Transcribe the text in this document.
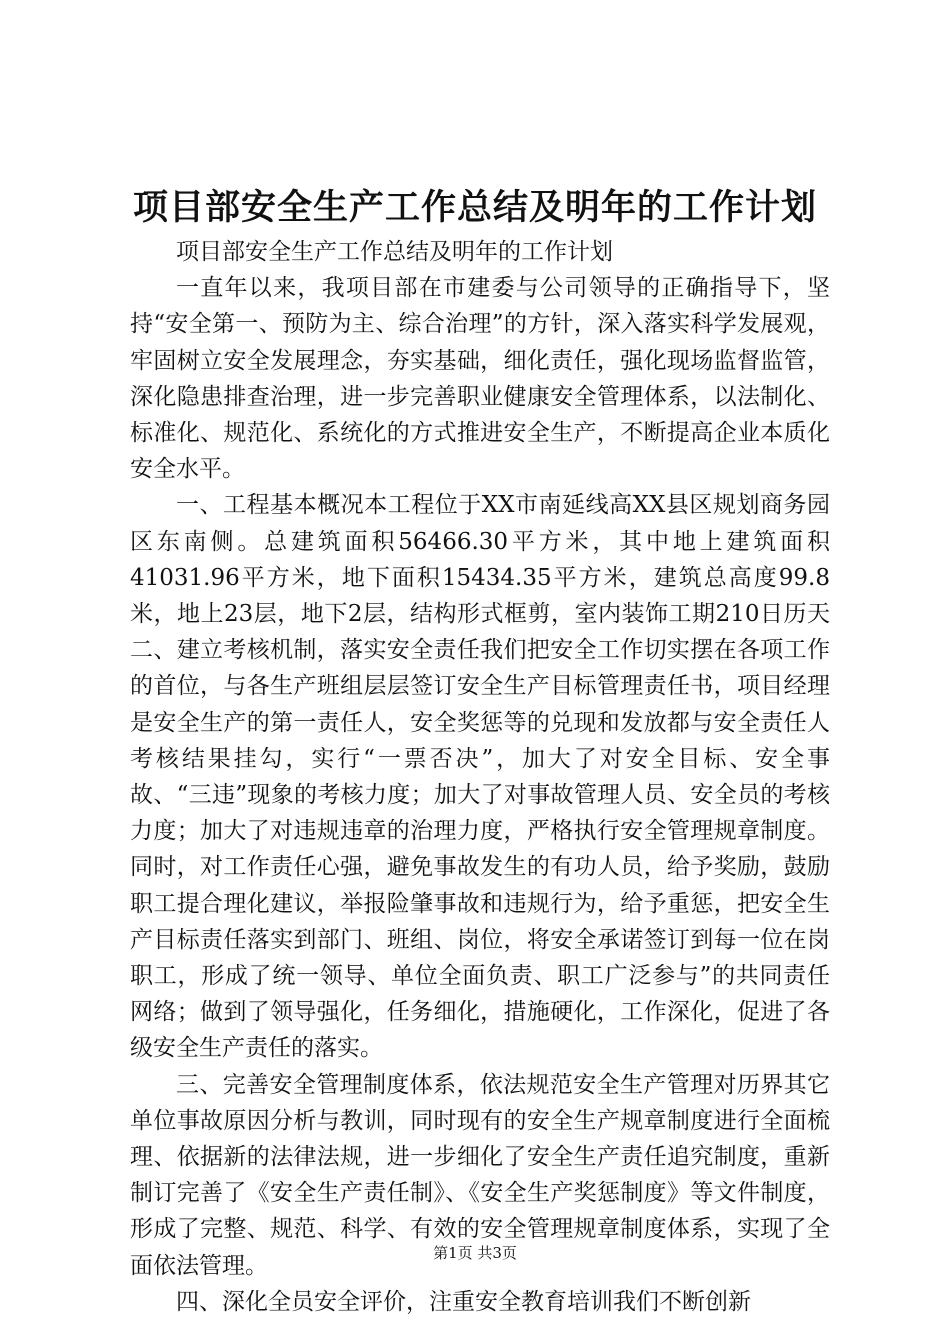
项目部安全生产工作总结及明年的工作计划

项目部安全生产工作总结及明年的工作计划

一直年以来，我项目部在市建委与公司领导的正确指导下，坚持“安全第一、预防为主、综合治理”的方针，深入落实科学发展观，牢固树立安全发展理念，夯实基础，细化责任，强化现场监督监管，深化隐患排查治理，进一步完善职业健康安全管理体系，以法制化、标准化、规范化、系统化的方式推进安全生产，不断提高企业本质化安全水平。

一、工程基本概况本工程位于XX市南延线高XX县区规划商务园区东南侧。总建筑面积56466.30平方米，其中地上建筑面积41031.96平方米，地下面积15434.35平方米，建筑总高度99.8米，地上23层，地下2层，结构形式框剪，室内装饰工期210日历天二、建立考核机制，落实安全责任我们把安全工作切实摆在各项工作的首位，与各生产班组层层签订安全生产目标管理责任书，项目经理是安全生产的第一责任人，安全奖惩等的兑现和发放都与安全责任人考核结果挂勾，实行“一票否决”，加大了对安全目标、安全事故、“三违”现象的考核力度；加大了对事故管理人员、安全员的考核力度；加大了对违规违章的治理力度，严格执行安全管理规章制度。同时，对工作责任心强，避免事故发生的有功人员，给予奖励，鼓励职工提合理化建议，举报险肇事故和违规行为，给予重惩，把安全生产目标责任落实到部门、班组、岗位，将安全承诺签订到每一位在岗职工，形成了统一领导、单位全面负责、职工广泛参与”的共同责任网络；做到了领导强化，任务细化，措施硬化，工作深化，促进了各级安全生产责任的落实。

三、完善安全管理制度体系，依法规范安全生产管理对历界其它单位事故原因分析与教训，同时现有的安全生产规章制度进行全面梳理、依据新的法律法规，进一步细化了安全生产责任追究制度，重新制订完善了《安全生产责任制》、《安全生产奖惩制度》等文件制度，形成了完整、规范、科学、有效的安全管理规章制度体系，实现了全面依法管理。

四、深化全员安全评价，注重安全教育培训我们不断创新

第1页 共3页
